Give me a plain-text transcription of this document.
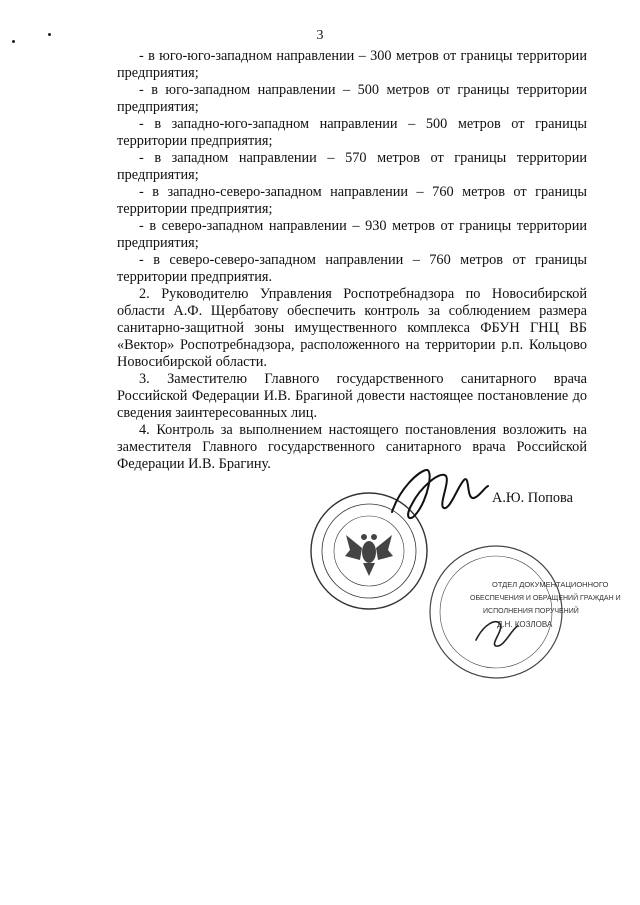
3

- в юго-юго-западном направлении – 300 метров от границы территории предприятия;

- в юго-западном направлении – 500 метров от границы территории предприятия;

- в западно-юго-западном направлении – 500 метров от границы территории предприятия;

- в западном направлении – 570 метров от границы территории предприятия;

- в западно-северо-западном направлении – 760 метров от границы территории предприятия;

- в северо-западном направлении – 930 метров от границы территории предприятия;

- в северо-северо-западном направлении – 760 метров от границы территории предприятия.

2. Руководителю Управления Роспотребнадзора по Новосибирской области А.Ф. Щербатову обеспечить контроль за соблюдением размера санитарно-защитной зоны имущественного комплекса ФБУН ГНЦ ВБ «Вектор» Роспотребнадзора, расположенного на территории р.п. Кольцово Новосибирской области.

3. Заместителю Главного государственного санитарного врача Российской Федерации И.В. Брагиной довести настоящее постановление до сведения заинтересованных лиц.

4. Контроль за выполнением настоящего постановления возложить на заместителя Главного государственного санитарного врача Российской Федерации И.В. Брагину.

А.Ю. Попова
ОТДЕЛ ДОКУМЕНТАЦИОННОГО
ОБЕСПЕЧЕНИЯ И ОБРАЩЕНИЙ ГРАЖДАН И
ИСПОЛНЕНИЯ ПОРУЧЕНИЙ
Д.Н. КОЗЛОВА
